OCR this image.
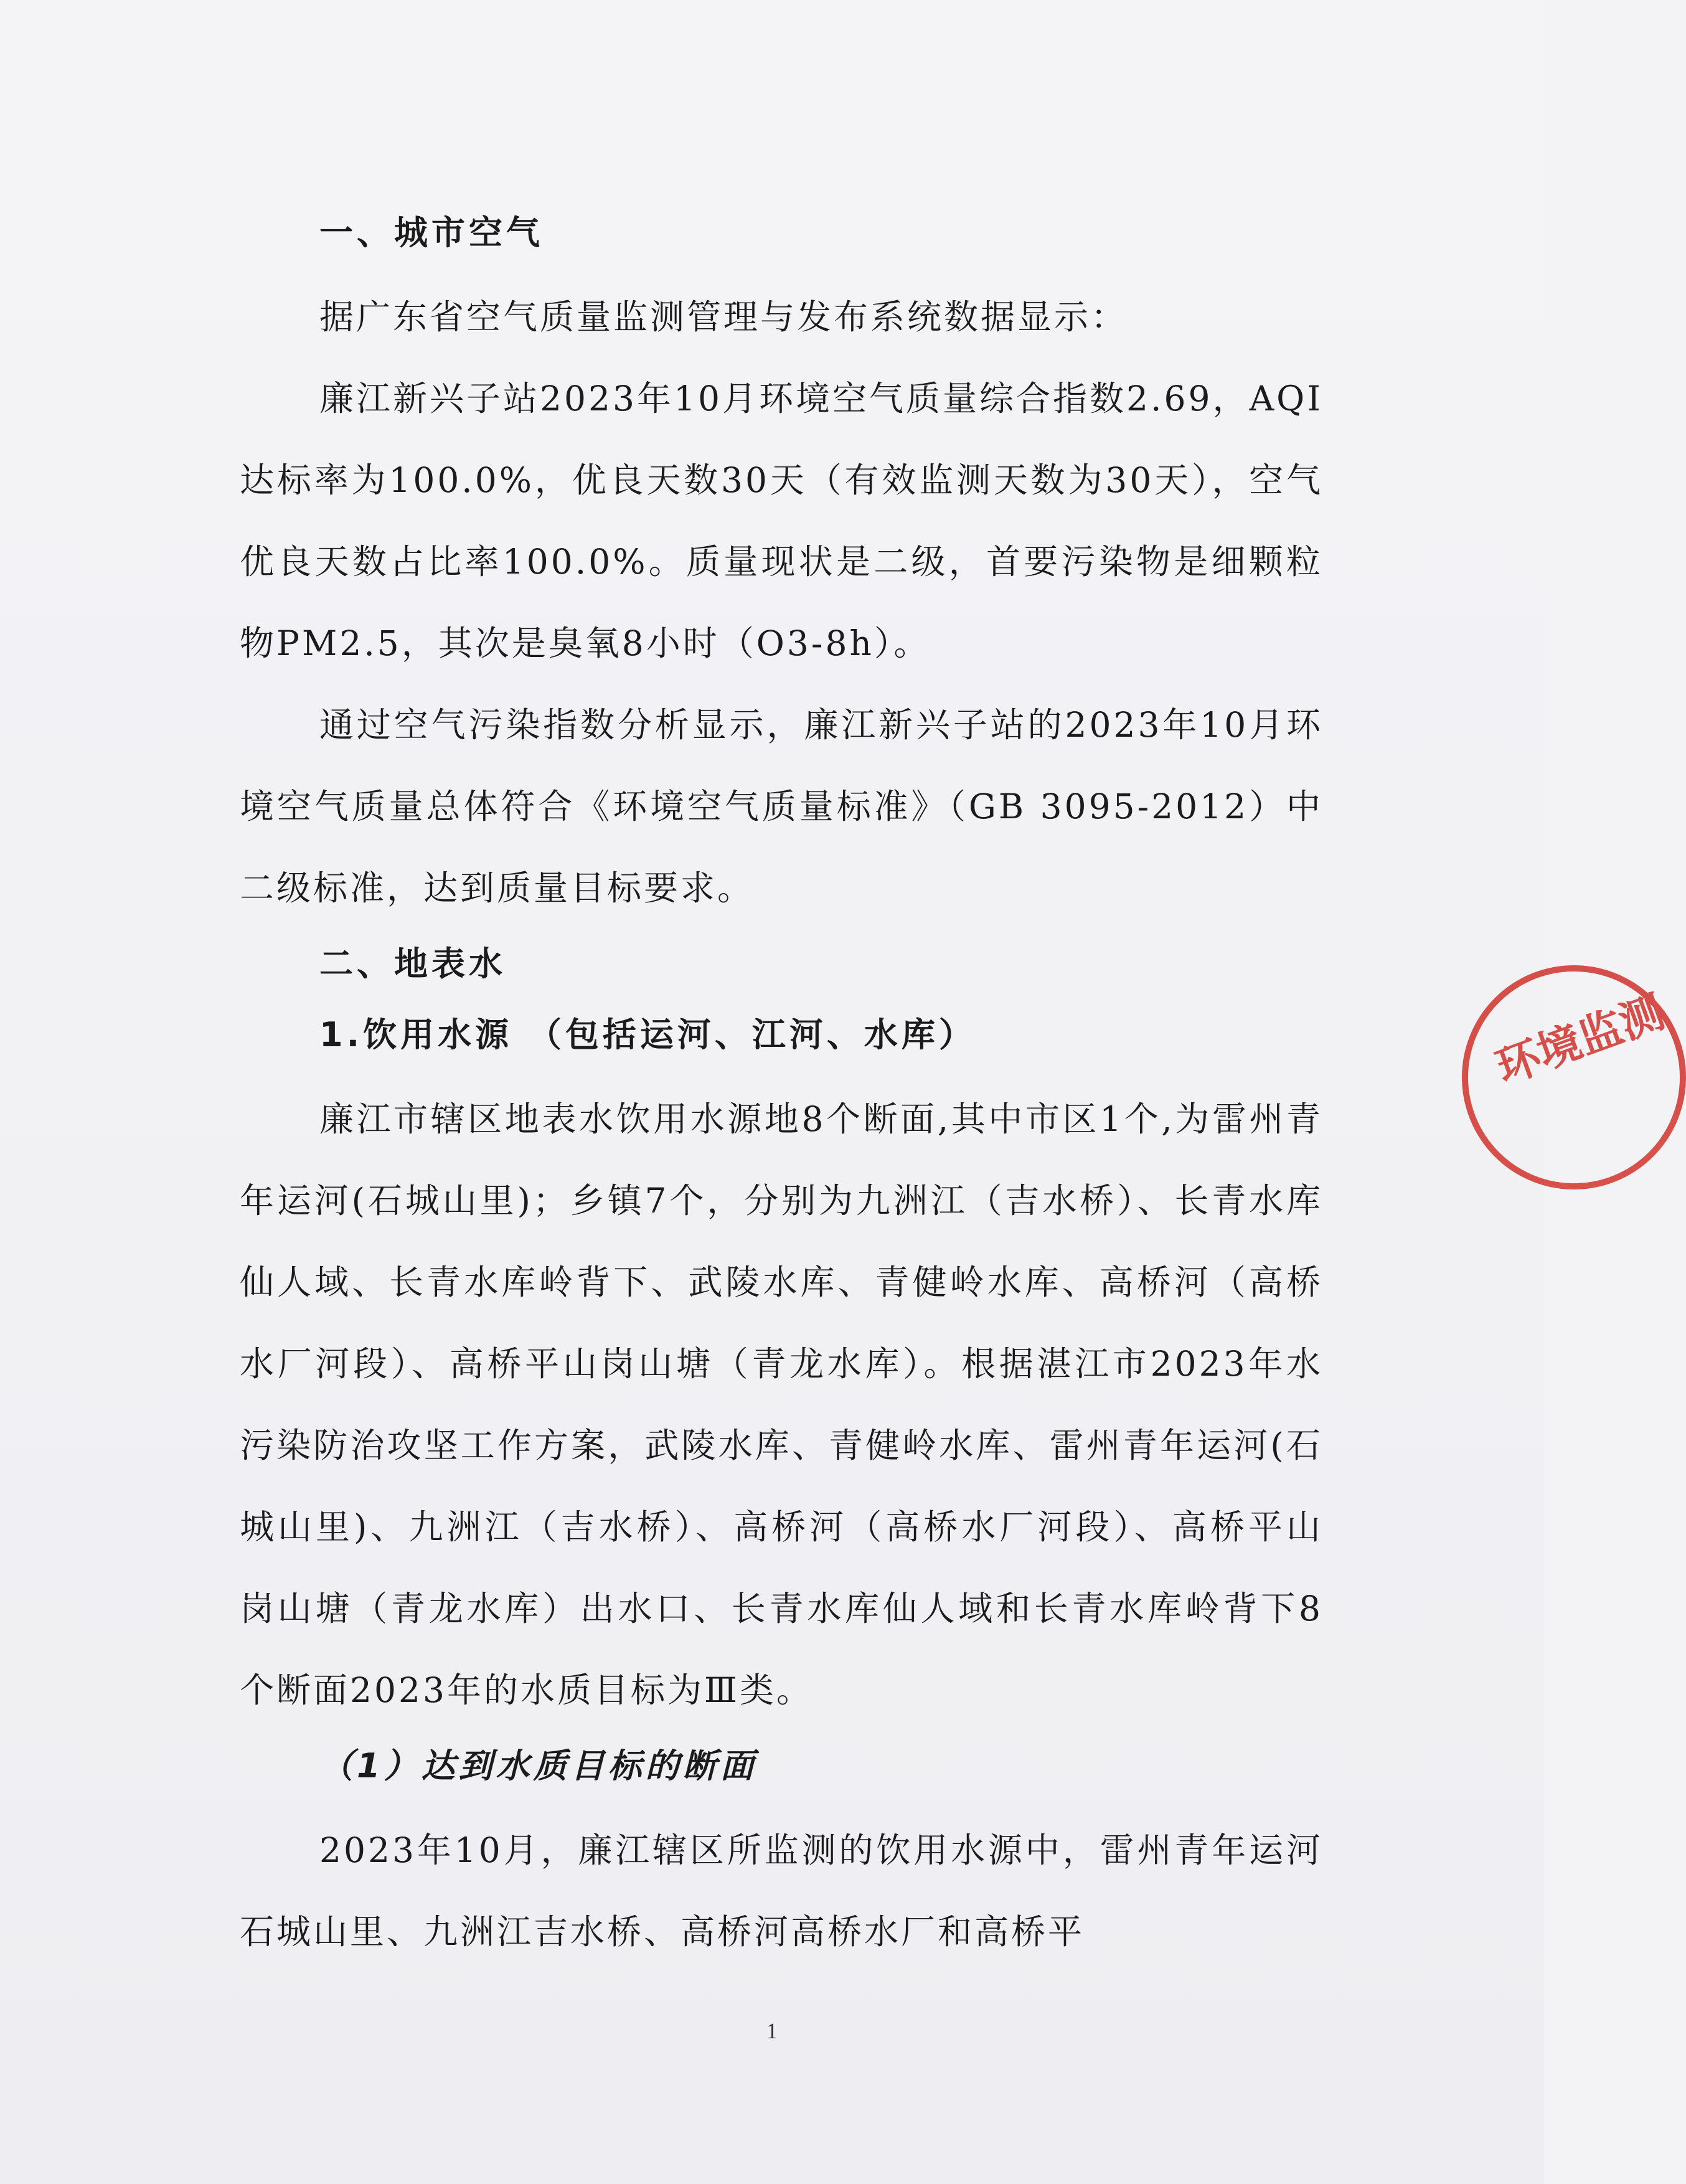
一、城市空气

据广东省空气质量监测管理与发布系统数据显示：

廉江新兴子站2023年10月环境空气质量综合指数2.69，AQI达标率为100.0%，优良天数30天（有效监测天数为30天），空气优良天数占比率100.0%。质量现状是二级，首要污染物是细颗粒物PM2.5，其次是臭氧8小时（O3-8h）。

通过空气污染指数分析显示，廉江新兴子站的2023年10月环境空气质量总体符合《环境空气质量标准》（GB 3095-2012）中二级标准，达到质量目标要求。

二、地表水
1.饮用水源 （包括运河、江河、水库）

廉江市辖区地表水饮用水源地8个断面,其中市区1个,为雷州青年运河(石城山里)；乡镇7个，分别为九洲江（吉水桥）、长青水库仙人域、长青水库岭背下、武陵水库、青健岭水库、高桥河（高桥水厂河段）、高桥平山岗山塘（青龙水库）。根据湛江市2023年水污染防治攻坚工作方案，武陵水库、青健岭水库、雷州青年运河(石城山里)、九洲江（吉水桥）、高桥河（高桥水厂河段）、高桥平山岗山塘（青龙水库）出水口、长青水库仙人域和长青水库岭背下8个断面2023年的水质目标为Ⅲ类。

（1）达到水质目标的断面

2023年10月，廉江辖区所监测的饮用水源中，雷州青年运河石城山里、九洲江吉水桥、高桥河高桥水厂和高桥平

环境监测
1
